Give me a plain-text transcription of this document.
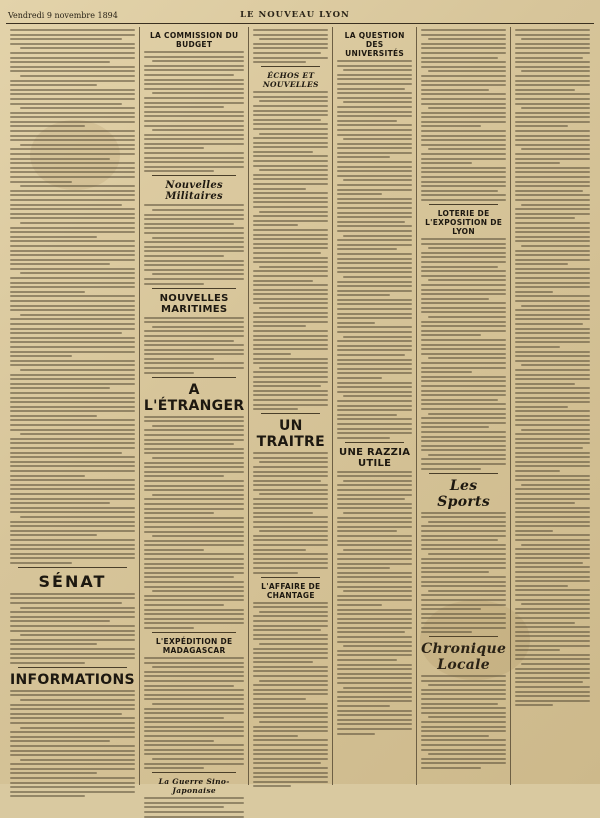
Vendredi 9 novembre 1894	LE NOUVEAU LYON
SÉNAT
INFORMATIONS
LA COMMISSION DU BUDGET
Nouvelles Militaires
NOUVELLES MARITIMES
A L'ÉTRANGER
L'EXPÉDITION DE MADAGASCAR
La Guerre Sino-Japonaise
ÉCHOS ET NOUVELLES
UN TRAITRE
L'AFFAIRE DE CHANTAGE
LA QUESTION DES UNIVERSITÉS
UNE RAZZIA UTILE
LOTERIE DE L'EXPOSITION DE LYON
Les Sports
Chronique Locale
